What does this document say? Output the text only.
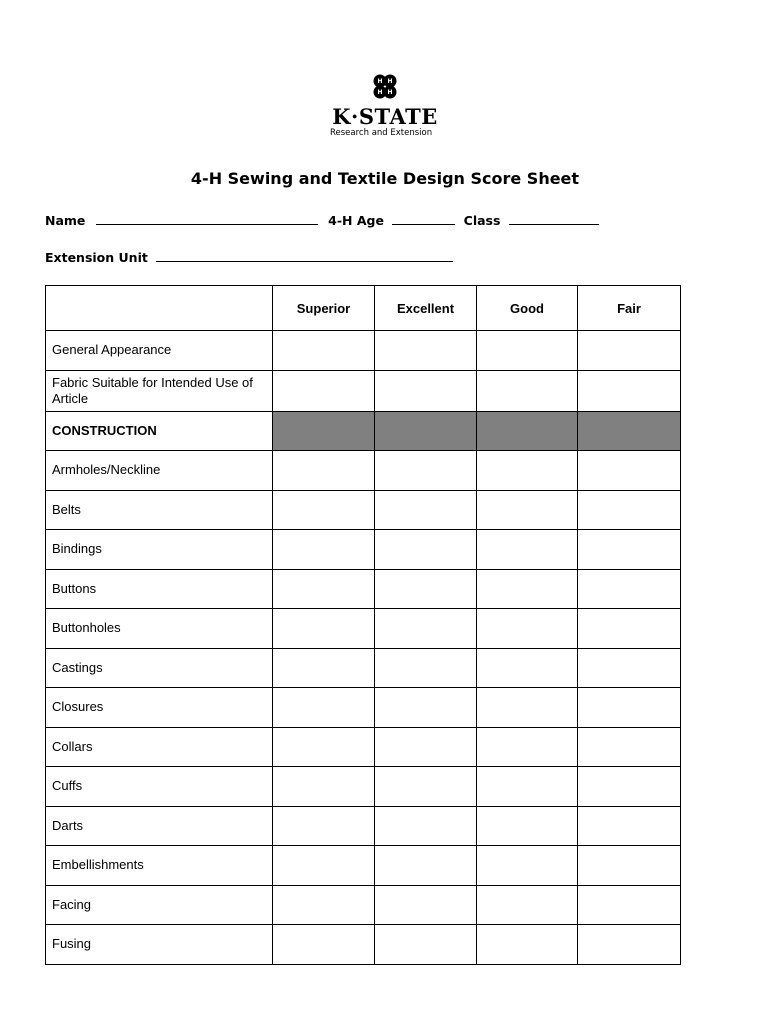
H H
H H
K·STATE
Research and Extension
4-H Sewing and Textile Design Score Sheet
Name	4-H Age	Class
Extension Unit
	Superior	Excellent	Good	Fair
General Appearance				
Fabric Suitable for Intended Use of Article				
CONSTRUCTION				
Armholes/Neckline				
Belts				
Bindings				
Buttons				
Buttonholes				
Castings				
Closures				
Collars				
Cuffs				
Darts				
Embellishments				
Facing				
Fusing				
